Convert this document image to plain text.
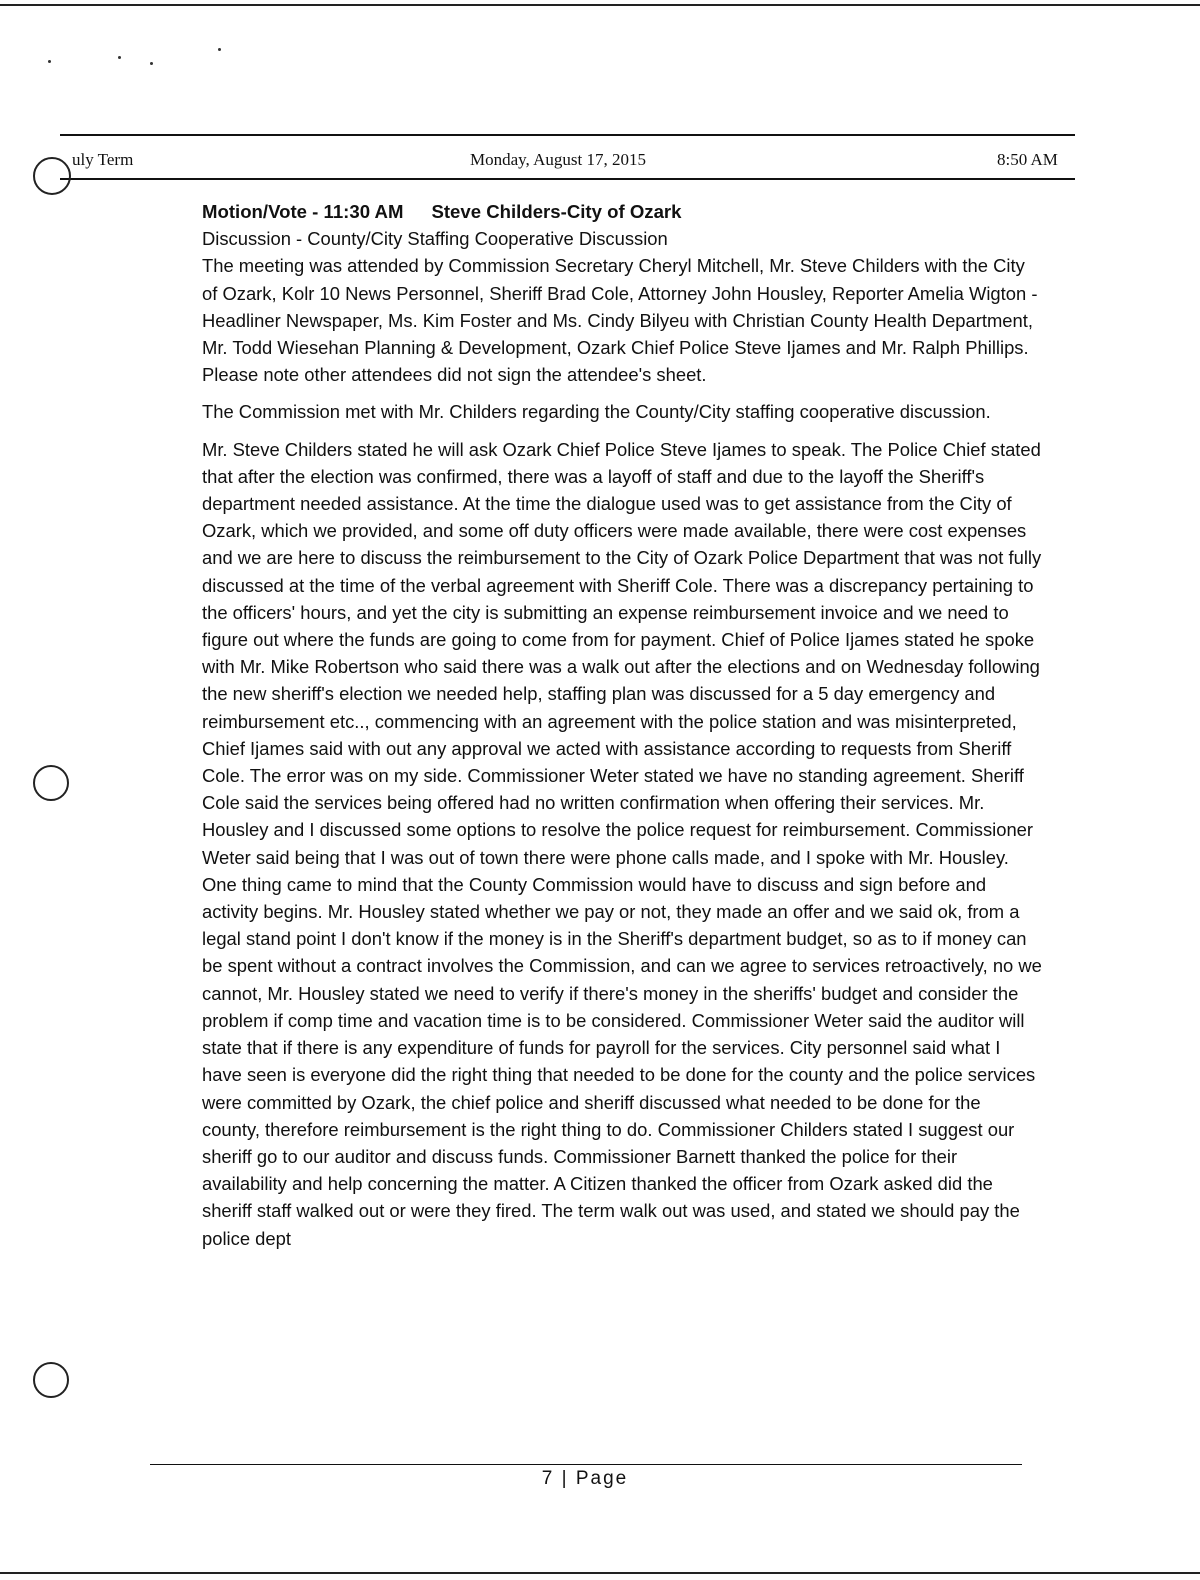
uly Term	Monday, August 17, 2015	8:50 AM
Motion/Vote - 11:30 AM Steve Childers-City of Ozark
Discussion - County/City Staffing Cooperative Discussion

The meeting was attended by Commission Secretary Cheryl Mitchell, Mr. Steve Childers with the City of Ozark, Kolr 10 News Personnel, Sheriff Brad Cole, Attorney John Housley, Reporter Amelia Wigton - Headliner Newspaper, Ms. Kim Foster and Ms. Cindy Bilyeu with Christian County Health Department, Mr. Todd Wiesehan Planning & Development, Ozark Chief Police Steve Ijames and Mr. Ralph Phillips. Please note other attendees did not sign the attendee's sheet.

The Commission met with Mr. Childers regarding the County/City staffing cooperative discussion.

Mr. Steve Childers stated he will ask Ozark Chief Police Steve Ijames to speak. The Police Chief stated that after the election was confirmed, there was a layoff of staff and due to the layoff the Sheriff's department needed assistance. At the time the dialogue used was to get assistance from the City of Ozark, which we provided, and some off duty officers were made available, there were cost expenses and we are here to discuss the reimbursement to the City of Ozark Police Department that was not fully discussed at the time of the verbal agreement with Sheriff Cole. There was a discrepancy pertaining to the officers' hours, and yet the city is submitting an expense reimbursement invoice and we need to figure out where the funds are going to come from for payment. Chief of Police Ijames stated he spoke with Mr. Mike Robertson who said there was a walk out after the elections and on Wednesday following the new sheriff's election we needed help, staffing plan was discussed for a 5 day emergency and reimbursement etc.., commencing with an agreement with the police station and was misinterpreted, Chief Ijames said with out any approval we acted with assistance according to requests from Sheriff Cole. The error was on my side. Commissioner Weter stated we have no standing agreement. Sheriff Cole said the services being offered had no written confirmation when offering their services. Mr. Housley and I discussed some options to resolve the police request for reimbursement. Commissioner Weter said being that I was out of town there were phone calls made, and I spoke with Mr. Housley. One thing came to mind that the County Commission would have to discuss and sign before and activity begins. Mr. Housley stated whether we pay or not, they made an offer and we said ok, from a legal stand point I don't know if the money is in the Sheriff's department budget, so as to if money can be spent without a contract involves the Commission, and can we agree to services retroactively, no we cannot, Mr. Housley stated we need to verify if there's money in the sheriffs' budget and consider the problem if comp time and vacation time is to be considered. Commissioner Weter said the auditor will state that if there is any expenditure of funds for payroll for the services. City personnel said what I have seen is everyone did the right thing that needed to be done for the county and the police services were committed by Ozark, the chief police and sheriff discussed what needed to be done for the county, therefore reimbursement is the right thing to do. Commissioner Childers stated I suggest our sheriff go to our auditor and discuss funds. Commissioner Barnett thanked the police for their availability and help concerning the matter. A Citizen thanked the officer from Ozark asked did the sheriff staff walked out or were they fired. The term walk out was used, and stated we should pay the police dept

7 | Page
